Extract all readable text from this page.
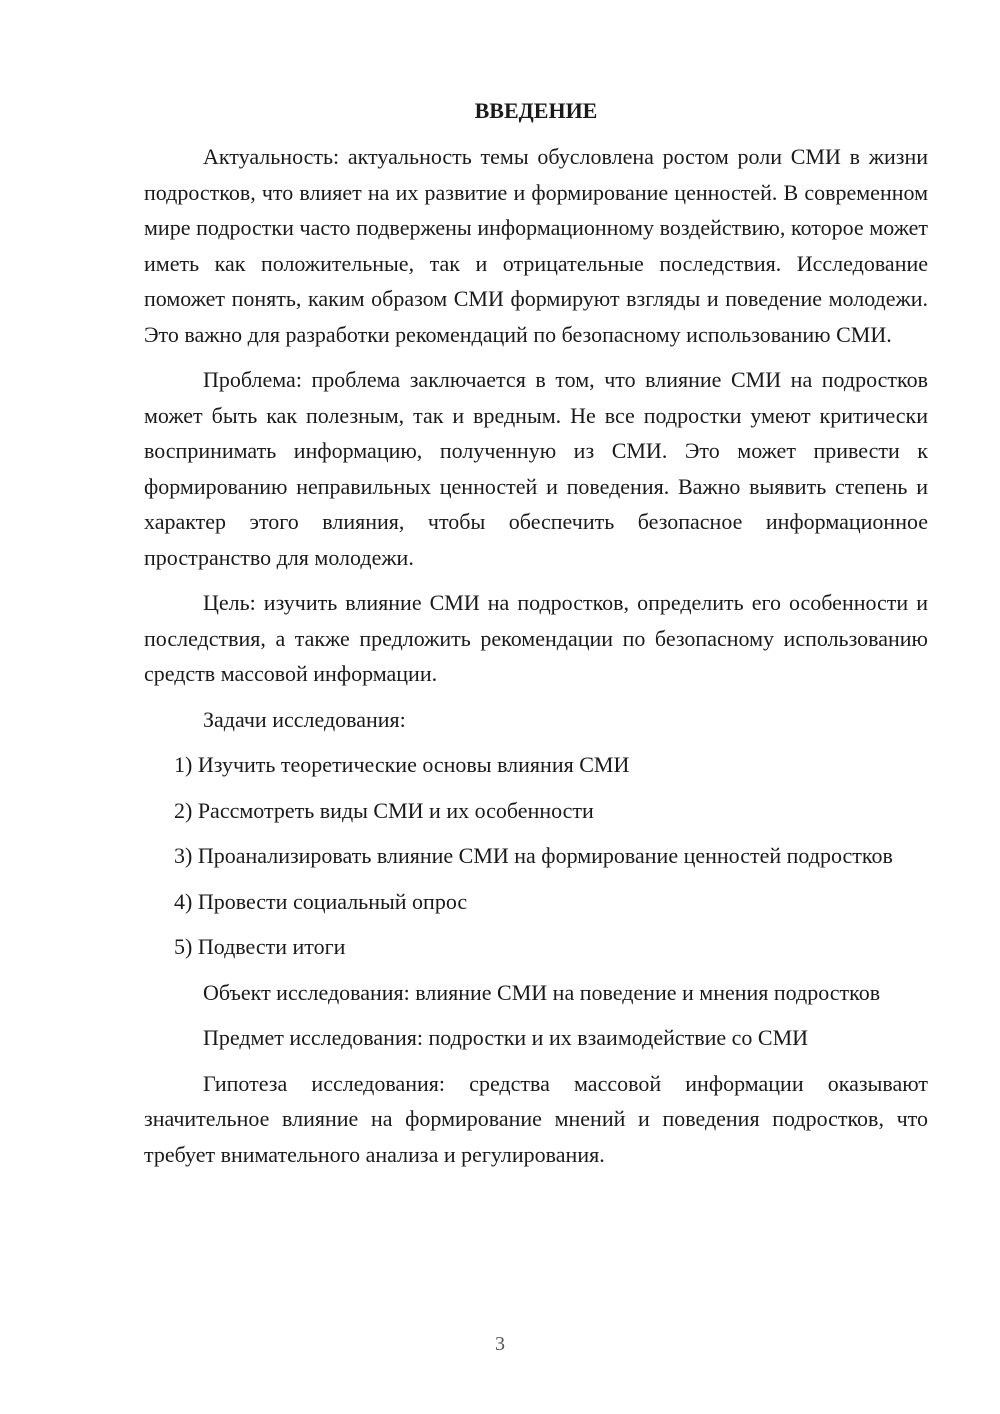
ВВЕДЕНИЕ

Актуальность: актуальность темы обусловлена ростом роли СМИ в жизни подростков, что влияет на их развитие и формирование ценностей. В современном мире подростки часто подвержены информационному воздействию, которое может иметь как положительные, так и отрицательные последствия. Исследование поможет понять, каким образом СМИ формируют взгляды и поведение молодежи. Это важно для разработки рекомендаций по безопасному использованию СМИ.

Проблема: проблема заключается в том, что влияние СМИ на подростков может быть как полезным, так и вредным. Не все подростки умеют критически воспринимать информацию, полученную из СМИ. Это может привести к формированию неправильных ценностей и поведения. Важно выявить степень и характер этого влияния, чтобы обеспечить безопасное информационное пространство для молодежи.

Цель: изучить влияние СМИ на подростков, определить его особенности и последствия, а также предложить рекомендации по безопасному использованию средств массовой информации.

Задачи исследования:

1) Изучить теоретические основы влияния СМИ

2) Рассмотреть виды СМИ и их особенности

3) Проанализировать влияние СМИ на формирование ценностей подростков

4) Провести социальный опрос

5) Подвести итоги

Объект исследования: влияние СМИ на поведение и мнения подростков

Предмет исследования: подростки и их взаимодействие со СМИ

Гипотеза исследования: средства массовой информации оказывают значительное влияние на формирование мнений и поведения подростков, что требует внимательного анализа и регулирования.

3
